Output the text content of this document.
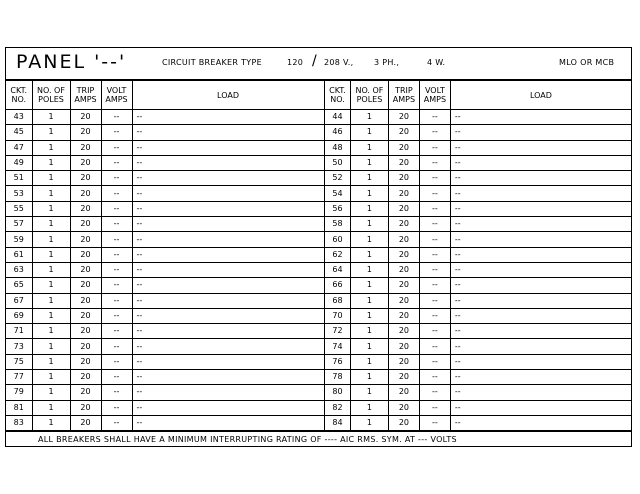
PANEL '--'	CIRCUIT BREAKER TYPE	120 / 208 V.,	3 PH.,	4 W.	MLO OR MCB
CKT. NO.	NO. OF POLES	TRIP AMPS	VOLT AMPS	LOAD
43	1	20	--	--
45	1	20	--	--
47	1	20	--	--
49	1	20	--	--
51	1	20	--	--
53	1	20	--	--
55	1	20	--	--
57	1	20	--	--
59	1	20	--	--
61	1	20	--	--
63	1	20	--	--
65	1	20	--	--
67	1	20	--	--
69	1	20	--	--
71	1	20	--	--
73	1	20	--	--
75	1	20	--	--
77	1	20	--	--
79	1	20	--	--
81	1	20	--	--
83	1	20	--	--
CKT. NO.	NO. OF POLES	TRIP AMPS	VOLT AMPS	LOAD
44	1	20	--	--
46	1	20	--	--
48	1	20	--	--
50	1	20	--	--
52	1	20	--	--
54	1	20	--	--
56	1	20	--	--
58	1	20	--	--
60	1	20	--	--
62	1	20	--	--
64	1	20	--	--
66	1	20	--	--
68	1	20	--	--
70	1	20	--	--
72	1	20	--	--
74	1	20	--	--
76	1	20	--	--
78	1	20	--	--
80	1	20	--	--
82	1	20	--	--
84	1	20	--	--
ALL BREAKERS SHALL HAVE A MINIMUM INTERRUPTING RATING OF ---- AIC RMS. SYM. AT --- VOLTS
